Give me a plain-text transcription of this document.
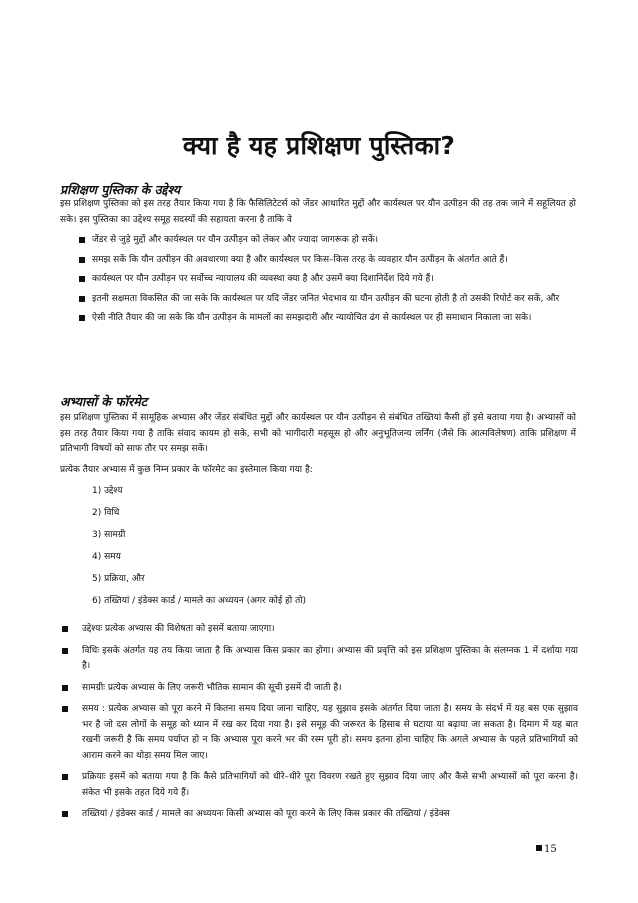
क्या है यह प्रशिक्षण पुस्तिका?
प्रशिक्षण पुस्तिका के उद्देश्य
इस प्रशिक्षण पुस्तिका को इस तरह तैयार किया गया है कि फैसिलिटेटर्स को जेंडर आधारित मुद्दों और कार्यस्थल पर यौन उत्पीड़न की तह तक जाने में सहूलियत हो सके। इस पुस्तिका का उद्देश्य समूह सदस्यों की सहायता करना है ताकि वे
जेंडर से जुड़े मुद्दों और कार्यस्थल पर यौन उत्पीड़न को लेकर और ज्यादा जागरूक हो सकें।
समझ सकें कि यौन उत्पीड़न की अवधारणा क्या है और कार्यस्थल पर किस–किस तरह के व्यवहार यौन उत्पीड़न के अंतर्गत आते हैं।
कार्यस्थल पर यौन उत्पीड़न पर सर्वोच्च न्यायालय की व्यवस्था क्या है और उसमें क्या दिशानिर्देश दिये गये हैं।
इतनी सक्षमता विकसित की जा सके कि कार्यस्थल पर यदि जेंडर जनित भेदभाव या यौन उत्पीड़न की घटना होती है तो उसकी रिपोर्ट कर सकें, और
ऐसी नीति तैयार की जा सके कि यौन उत्पीड़न के मामलों का समझदारी और न्यायोचित ढंग से कार्यस्थल पर ही समाधान निकाला जा सके।
अभ्यासों के फॉरमेट
इस प्रशिक्षण पुस्तिका में सामूहिक अभ्यास और जेंडर संबंधित मुद्दों और कार्यस्थल पर यौन उत्पीड़न से संबंधित तख्तियां कैसी हों इसे बताया गया है। अभ्यासों को इस तरह तैयार किया गया है ताकि संवाद कायम हो सके, सभी को भागीदारी महसूस हो और अनुभूतिजन्य लर्निंग (जैसे कि आत्मविलेषण) ताकि प्रशिक्षण में प्रतिभागी विषयों को साफ तौर पर समझ सकें।
प्रत्येक तैयार अभ्यास में कुछ निम्न प्रकार के फॉरमेट का इस्तेमाल किया गया है:
1) उद्देश्य
2) विधि
3) सामग्री
4) समय
5) प्रक्रिया, और
6) तख्तियां / इंडेक्स कार्ड / मामले का अध्ययन (अगर कोई हो तो)
उद्देश्यः प्रत्येक अभ्यास की विशेषता को इसमें बताया जाएगा।
विधिः इसके अंतर्गत यह तय किया जाता है कि अभ्यास किस प्रकार का होगा। अभ्यास की प्रवृत्ति को इस प्रशिक्षण पुस्तिका के संलग्नक 1 में दर्शाया गया है।
सामग्रीः प्रत्येक अभ्यास के लिए जरूरी भौतिक सामान की सूची इसमें दी जाती है।
समय : प्रत्येक अभ्यास को पूरा करने में कितना समय दिया जाना चाहिए, यह सुझाव इसके अंतर्गत दिया जाता है। समय के संदर्भ में यह बस एक सुझाव भर है जो दस लोगों के समूह को ध्यान में रख कर दिया गया है। इसे समूह की जरूरत के हिसाब से घटाया या बढ़ाया जा सकता है। दिमाग में यह बात रखनी जरूरी है कि समय पर्याप्त हो न कि अभ्यास पूरा करने भर की रस्म पूरी हो। समय इतना होना चाहिए कि अगले अभ्यास के पहले प्रतिभागियों को आराम करने का थोड़ा समय मिल जाए।
प्रक्रियाः इसमें को बताया गया है कि कैसे प्रतिभागियों को धीरे–धीरे पूरा विवरण रखते हुए सुझाव दिया जाए और कैसे सभी अभ्यासों को पूरा करना है। संकेत भी इसके तहत दिये गये हैं।
तख्तियां / इंडेक्स कार्ड / मामले का अध्ययनः किसी अभ्यास को पूरा करने के लिए किस प्रकार की तख्तियां / इंडेक्स
15
